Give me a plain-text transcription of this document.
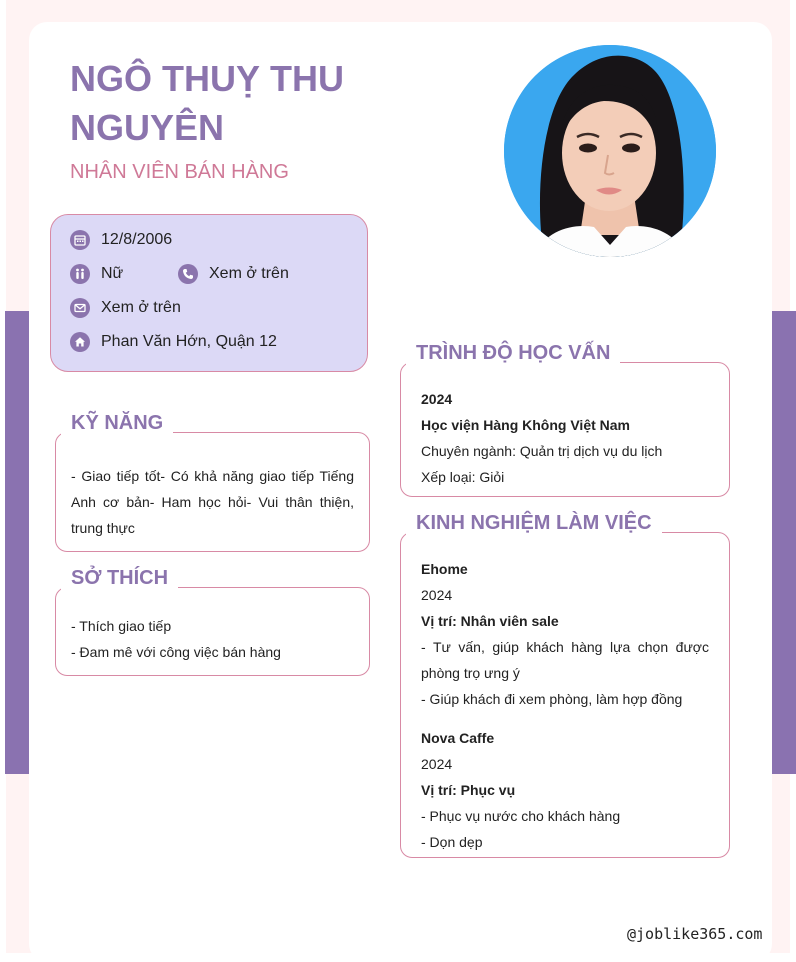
NGÔ THUỴ THU NGUYÊN
NHÂN VIÊN BÁN HÀNG
12/8/2006
Nữ	Xem ở trên
Xem ở trên
Phan Văn Hớn, Quận 12
KỸ NĂNG
- Giao tiếp tốt- Có khả năng giao tiếp Tiếng Anh cơ bản- Ham học hỏi- Vui thân thiện, trung thực
SỞ THÍCH
- Thích giao tiếp
- Đam mê với công việc bán hàng
TRÌNH ĐỘ HỌC VẤN
2024
Học viện Hàng Không Việt Nam
Chuyên ngành: Quản trị dịch vụ du lịch
Xếp loại: Giỏi
KINH NGHIỆM LÀM VIỆC
Ehome
2024
Vị trí: Nhân viên sale
- Tư vấn, giúp khách hàng lựa chọn được phòng trọ ưng ý
- Giúp khách đi xem phòng, làm hợp đồng
Nova Caffe
2024
Vị trí: Phục vụ
- Phục vụ nước cho khách hàng
- Dọn dẹp
@joblike365.com
